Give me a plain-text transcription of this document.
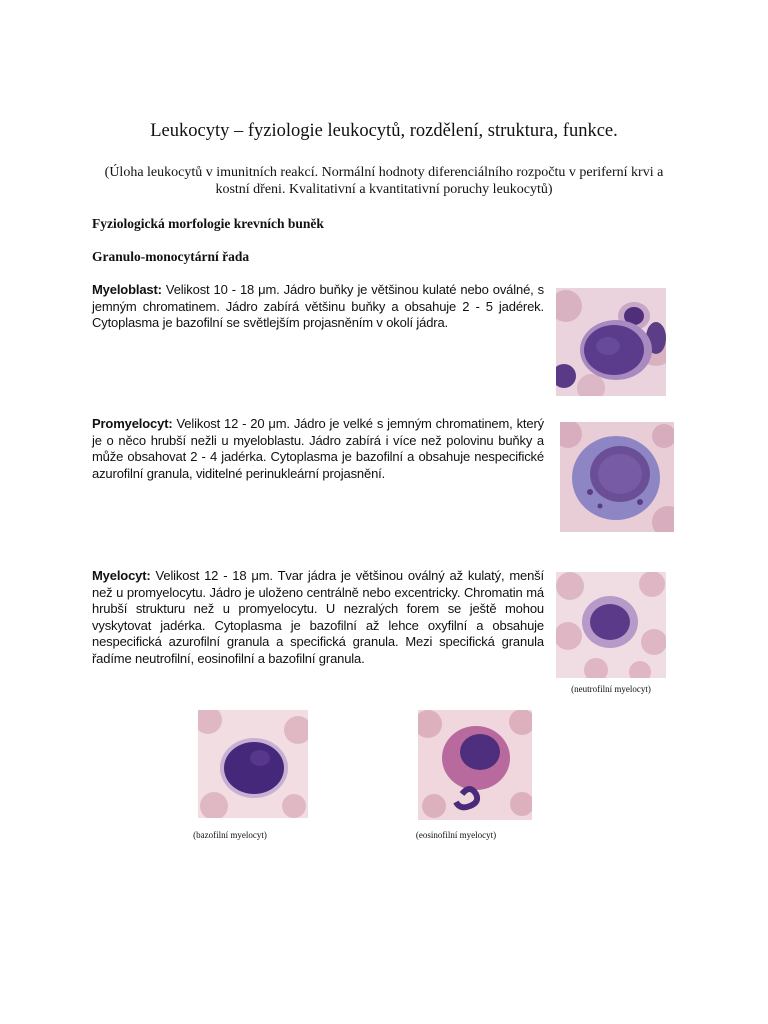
Leukocyty – fyziologie leukocytů, rozdělení, struktura, funkce.
(Úloha leukocytů v imunitních reakcí. Normální hodnoty diferenciálního rozpočtu v periferní krvi a kostní dřeni. Kvalitativní a kvantitativní poruchy leukocytů)
Fyziologická morfologie krevních buněk
Granulo-monocytární řada
Myeloblast: Velikost 10 - 18 μm. Jádro buňky je většinou kulaté nebo oválné, s jemným chromatinem. Jádro zabírá většinu buňky a obsahuje 2 - 5 jadérek. Cytoplasma je bazofilní se světlejším projasněním v okolí jádra.
Promyelocyt: Velikost 12 - 20 μm. Jádro je velké s jemným chromatinem, který je o něco hrubší nežli u myeloblastu. Jádro zabírá i více než polovinu buňky a může obsahovat 2 - 4 jadérka. Cytoplasma je bazofilní a obsahuje nespecifické azurofilní granula, viditelné perinukleární projasnění.
Myelocyt: Velikost 12 - 18 μm. Tvar jádra je většinou oválný až kulatý, menší než u promyelocytu. Jádro je uloženo centrálně nebo excentricky. Chromatin má hrubší strukturu než u promyelocytu. U nezralých forem se ještě mohou vyskytovat jadérka. Cytoplasma je bazofilní až lehce oxyfilní a obsahuje nespecifická azurofilní granula a specifická granula. Mezi specifická granula řadíme neutrofilní, eosinofilní a bazofilní granula.
(neutrofilní myelocyt)
(bazofilní myelocyt)	(eosinofilní myelocyt)
